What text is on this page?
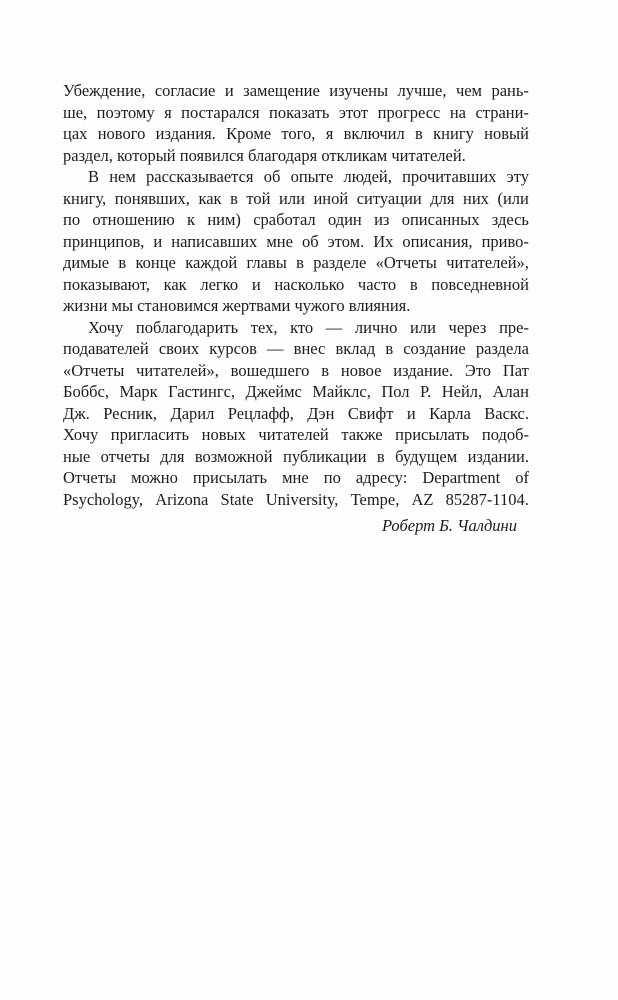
Убеждение, согласие и замещение изучены лучше, чем рань-
ше, поэтому я постарался показать этот прогресс на страни-
цах нового издания. Кроме того, я включил в книгу новый
раздел, который появился благодаря откликам читателей.
В нем рассказывается об опыте людей, прочитавших эту
книгу, понявших, как в той или иной ситуации для них (или
по отношению к ним) сработал один из описанных здесь
принципов, и написавших мне об этом. Их описания, приво-
димые в конце каждой главы в разделе «Отчеты читателей»,
показывают, как легко и насколько часто в повседневной
жизни мы становимся жертвами чужого влияния.
Хочу поблагодарить тех, кто — лично или через пре-
подавателей своих курсов — внес вклад в создание раздела
«Отчеты читателей», вошедшего в новое издание. Это Пат
Боббс, Марк Гастингс, Джеймс Майклс, Пол Р. Нейл, Алан
Дж. Ресник, Дарил Рецлафф, Дэн Свифт и Карла Васкс.
Хочу пригласить новых читателей также присылать подоб-
ные отчеты для возможной публикации в будущем издании.
Отчеты можно присылать мне по адресу: Department of
Psychology, Arizona State University, Tempe, AZ 85287-1104.
Роберт Б. Чалдини
